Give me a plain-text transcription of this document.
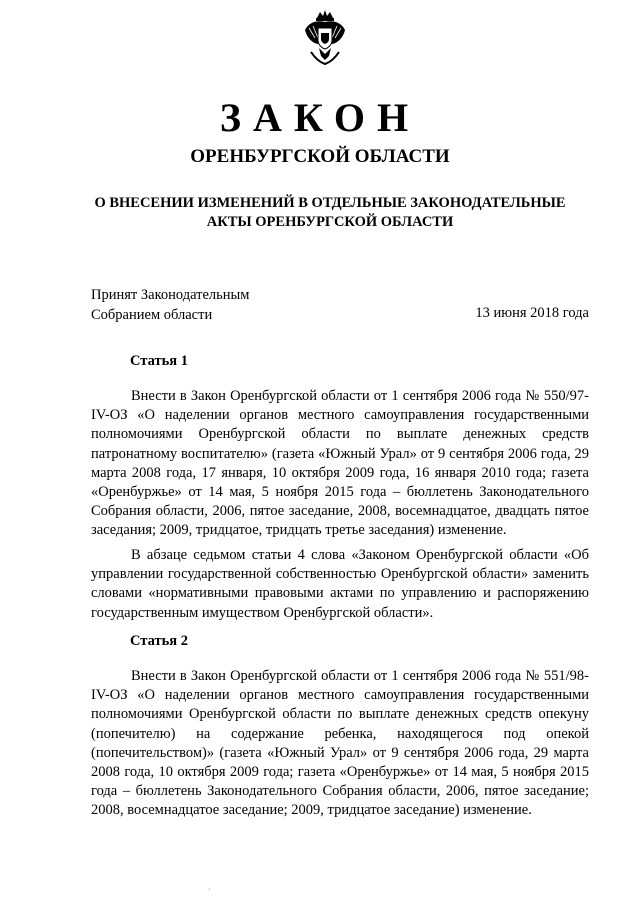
ЗАКОН
ОРЕНБУРГСКОЙ ОБЛАСТИ
О ВНЕСЕНИИ ИЗМЕНЕНИЙ В ОТДЕЛЬНЫЕ ЗАКОНОДАТЕЛЬНЫЕ
АКТЫ ОРЕНБУРГСКОЙ ОБЛАСТИ
Принят Законодательным
Собранием области	13 июня 2018 года
Статья 1
Внести в Закон Оренбургской области от 1 сентября 2006 года № 550/97-IV-ОЗ «О наделении органов местного самоуправления государственными полномочиями Оренбургской области по выплате денежных средств патронатному воспитателю» (газета «Южный Урал» от 9 сентября 2006 года, 29 марта 2008 года, 17 января, 10 октября 2009 года, 16 января 2010 года; газета «Оренбуржье» от 14 мая, 5 ноября 2015 года – бюллетень Законодательного Собрания области, 2006, пятое заседание, 2008, восемнадцатое, двадцать пятое заседания; 2009, тридцатое, тридцать третье заседания) изменение.
В абзаце седьмом статьи 4 слова «Законом Оренбургской области «Об управлении государственной собственностью Оренбургской области» заменить словами «нормативными правовыми актами по управлению и распоряжению государственным имуществом Оренбургской области».
Статья 2
Внести в Закон Оренбургской области от 1 сентября 2006 года № 551/98-IV-ОЗ «О наделении органов местного самоуправления государственными полномочиями Оренбургской области по выплате денежных средств опекуну (попечителю) на содержание ребенка, находящегося под опекой (попечительством)» (газета «Южный Урал» от 9 сентября 2006 года, 29 марта 2008 года, 10 октября 2009 года; газета «Оренбуржье» от 14 мая, 5 ноября 2015 года – бюллетень Законодательного Собрания области, 2006, пятое заседание; 2008, восемнадцатое заседание; 2009, тридцатое заседание) изменение.
·
